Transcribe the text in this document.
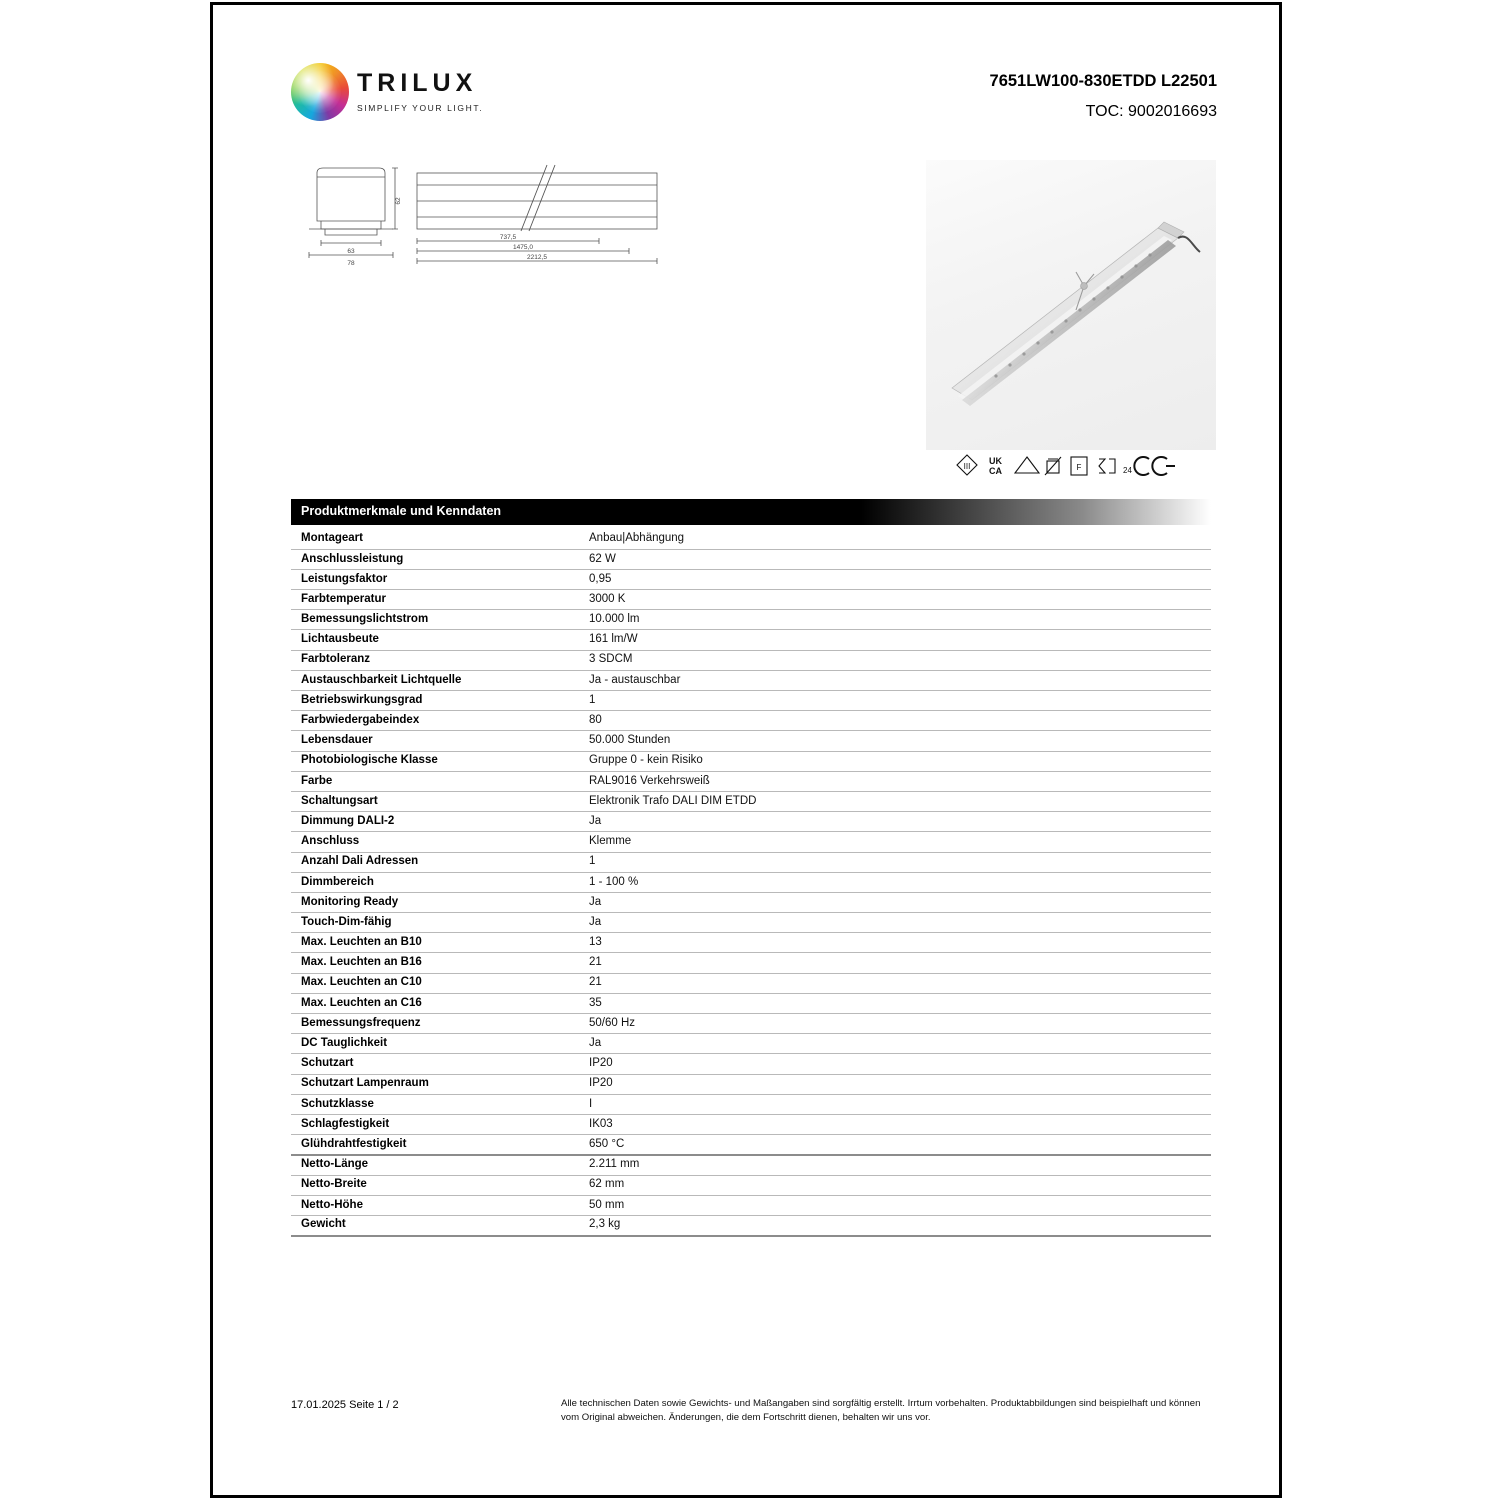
TRILUX
SIMPLIFY YOUR LIGHT.
7651LW100-830ETDD L22501
TOC: 9002016693
62
63
78
737,5
1475,0
2212,5
III
UK
CA	F	24
Produktmerkmale und Kenndaten
Montageart	Anbau|Abhängung
Anschlussleistung	62 W
Leistungsfaktor	0,95
Farbtemperatur	3000 K
Bemessungslichtstrom	10.000 lm
Lichtausbeute	161 lm/W
Farbtoleranz	3 SDCM
Austauschbarkeit Lichtquelle	Ja - austauschbar
Betriebswirkungsgrad	1
Farbwiedergabeindex	80
Lebensdauer	50.000 Stunden
Photobiologische Klasse	Gruppe 0 - kein Risiko
Farbe	RAL9016 Verkehrsweiß
Schaltungsart	Elektronik Trafo DALI DIM ETDD
Dimmung DALI-2	Ja
Anschluss	Klemme
Anzahl Dali Adressen	1
Dimmbereich	1 - 100 %
Monitoring Ready	Ja
Touch-Dim-fähig	Ja
Max. Leuchten an B10	13
Max. Leuchten an B16	21
Max. Leuchten an C10	21
Max. Leuchten an C16	35
Bemessungsfrequenz	50/60 Hz
DC Tauglichkeit	Ja
Schutzart	IP20
Schutzart Lampenraum	IP20
Schutzklasse	I
Schlagfestigkeit	IK03
Glühdrahtfestigkeit	650 °C
Netto-Länge	2.211 mm
Netto-Breite	62 mm
Netto-Höhe	50 mm
Gewicht	2,3 kg
17.01.2025 Seite 1 / 2	Alle technischen Daten sowie Gewichts- und Maßangaben sind sorgfältig erstellt. Irrtum vorbehalten. Produktabbildungen sind beispielhaft und können vom Original abweichen. Änderungen, die dem Fortschritt dienen, behalten wir uns vor.
